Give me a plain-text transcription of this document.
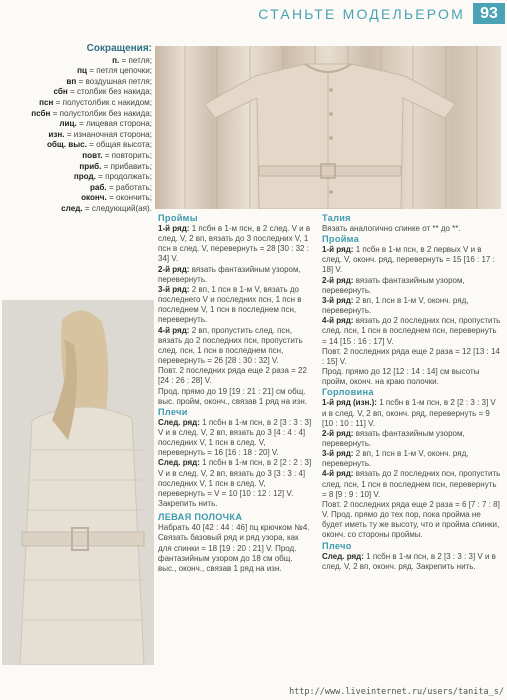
СТАНЬТЕ МОДЕЛЬЕРОМ 93
Сокращения:
п. = петля;
пц = петля цепочки;
вп = воздушная петля;
сбн = столбик без накида;
псн = полустолбик с накидом;
псбн = полустолбик без накида;
лиц. = лицевая сторона;
изн. = изнаночная сторона;
общ. выс. = общая высота;
повт. = повторить;
приб. = прибавить;
прод. = продолжать;
раб. = работать;
оконч. = окончить;
след. = следующий(ая).

Проймы

1-й ряд: 1 псбн в 1-м псн, в 2 след. V и в след. V, 2 вп, вязать до 3 последних V, 1 псн в след. V, перевернуть = 28 [30 : 32 : 34] V.

2-й ряд: вязать фантазийным узором, перевернуть.

3-й ряд: 2 вп, 1 псн в 1-м V, вязать до последнего V и последних псн, 1 псн в последнем V, 1 псн в последнем псн, перевернуть.

4-й ряд: 2 вп, пропустить след. псн, вязать до 2 последних псн, пропустить след. псн, 1 псн в последнем псн, перевернуть = 26 [28 : 30 : 32] V.

Повт. 2 последних ряда еще 2 раза = 22 [24 : 26 : 28] V.

Прод. прямо до 19 [19 : 21 : 21] см общ. выс. пройм, оконч., связав 1 ряд на изн.

Плечи

След. ряд: 1 псбн в 1-м псн, в 2 [3 : 3 : 3] V и в след. V, 2 вп, вязать до 3 [4 : 4 : 4] последних V, 1 псн в след. V, перевернуть = 16 [16 : 18 : 20] V.

След. ряд: 1 псбн в 1-м псн, в 2 [2 : 2 : 3] V и в след. V, 2 вп, вязать до 3 [3 : 3 : 4] последних V, 1 псн в след. V, перевернуть = V = 10 [10 : 12 : 12] V. Закрепить нить.

ЛЕВАЯ ПОЛОЧКА

Набрать 40 [42 : 44 : 46] пц крючком №4. Связать базовый ряд и ряд узора, как для спинки = 18 [19 : 20 : 21] V. Прод. фантазийным узором до 18 см общ. выс., оконч., связав 1 ряд на изн.

Талия

Вязать аналогично спинке от ** до **.

Пройма

1-й ряд: 1 псбн в 1-м псн, в 2 первых V и в след. V, оконч. ряд, перевернуть = 15 [16 : 17 : 18] V.

2-й ряд: вязать фантазийным узором, перевернуть.

3-й ряд: 2 вп, 1 псн в 1-м V, оконч. ряд, перевернуть.

4-й ряд: вязать до 2 последних псн, пропустить след. псн, 1 псн в последнем псн, перевернуть = 14 [15 : 16 : 17] V.

Повт. 2 последних ряда еще 2 раза = 12 [13 : 14 : 15] V.

Прод. прямо до 12 [12 : 14 : 14] см высоты пройм, оконч. на краю полочки.

Горловина

1-й ряд (изн.): 1 псбн в 1-м псн, в 2 [2 : 3 : 3] V и в след. V, 2 вп, оконч. ряд, перевернуть = 9 [10 : 10 : 11] V.

2-й ряд: вязать фантазийным узором, перевернуть.

3-й ряд: 2 вп, 1 псн в 1-м V, оконч. ряд, перевернуть.

4-й ряд: вязать до 2 последних псн, пропустить след. псн, 1 псн в последнем псн, перевернуть = 8 [9 : 9 : 10] V.

Повт. 2 последних ряда еще 2 раза = 6 [7 : 7 : 8] V. Прод. прямо до тех пор, пока пройма не будет иметь ту же высоту, что и пройма спинки, оконч. со стороны проймы.

Плечо

След. ряд: 1 псбн в 1-м псн, в 2 [3 : 3 : 3] V и в след. V, 2 вп, оконч. ряд. Закрепить нить.

http://www.liveinternet.ru/users/tanita_s/
